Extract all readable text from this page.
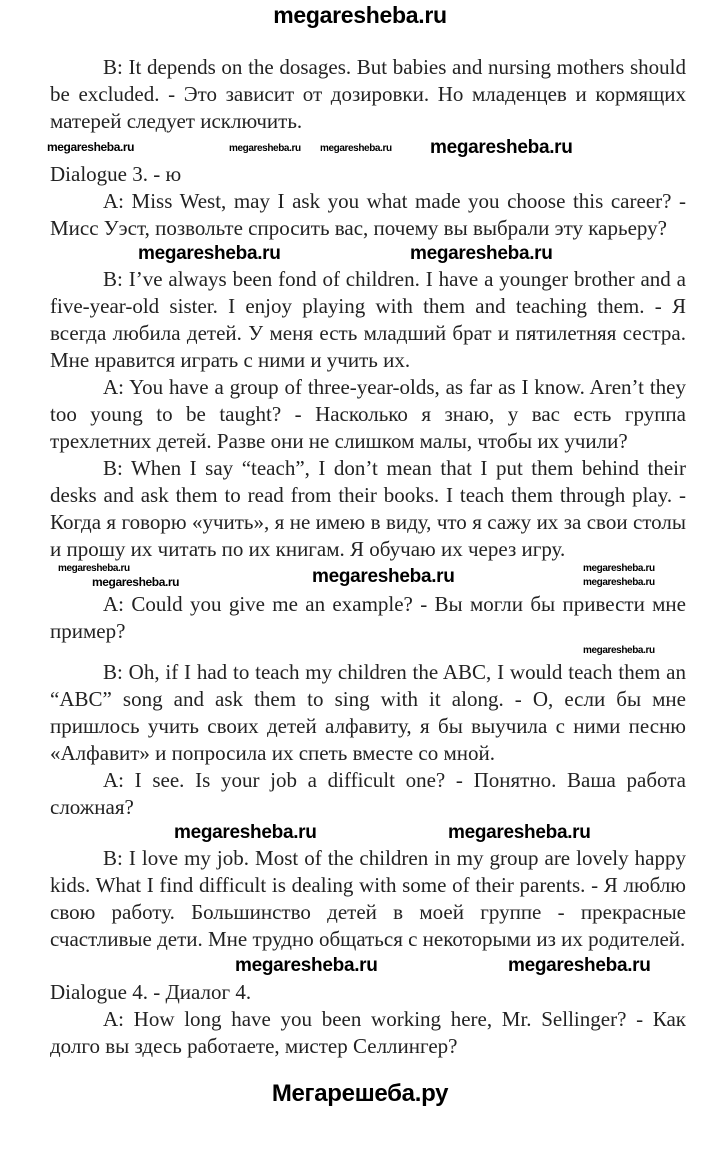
megaresheba.ru

B: It depends on the dosages. But babies and nursing mothers should be excluded. - Это зависит от дозировки. Но младенцев и кормящих матерей следует исключить.

megaresheba.ru	megaresheba.ru megaresheba.ru megaresheba.ru

Dialogue 3. - ю

A: Miss West, may I ask you what made you choose this career? - Мисс Уэст, позвольте спросить вас, почему вы выбрали эту карьеру?

megaresheba.ru	megaresheba.ru

B: I’ve always been fond of children. I have a younger brother and a five-year-old sister. I enjoy playing with them and teaching them. - Я всегда любила детей. У меня есть младший брат и пятилетняя сестра. Мне нравится играть с ними и учить их.

A: You have a group of three-year-olds, as far as I know. Aren’t they too young to be taught? - Насколько я знаю, у вас есть группа трехлетних детей. Разве они не слишком малы, чтобы их учили?

B: When I say “teach”, I don’t mean that I put them behind their desks and ask them to read from their books. I teach them through play. - Когда я говорю «учить», я не имею в виду, что я сажу их за свои столы и прошу их читать по их книгам. Я обучаю их через игру.

megaresheba.ru	megaresheba.ru
megaresheba.ru	megaresheba.ru	megaresheba.ru

A: Could you give me an example? - Вы могли бы привести мне пример?

megaresheba.ru

B: Oh, if I had to teach my children the ABC, I would teach them an “ABC” song and ask them to sing with it along. - О, если бы мне пришлось учить своих детей алфавиту, я бы выучила с ними песню «Алфавит» и попросила их спеть вместе со мной.

A: I see. Is your job a difficult one? - Понятно. Ваша работа сложная?

megaresheba.ru	megaresheba.ru

B: I love my job. Most of the children in my group are lovely happy kids. What I find difficult is dealing with some of their parents. - Я люблю свою работу. Большинство детей в моей группе - прекрасные счастливые дети. Мне трудно общаться с некоторыми из их родителей.

megaresheba.ru	megaresheba.ru

Dialogue 4. - Диалог 4.

A: How long have you been working here, Mr. Sellinger? - Как долго вы здесь работаете, мистер Селлингер?

Мегарешеба.ру
